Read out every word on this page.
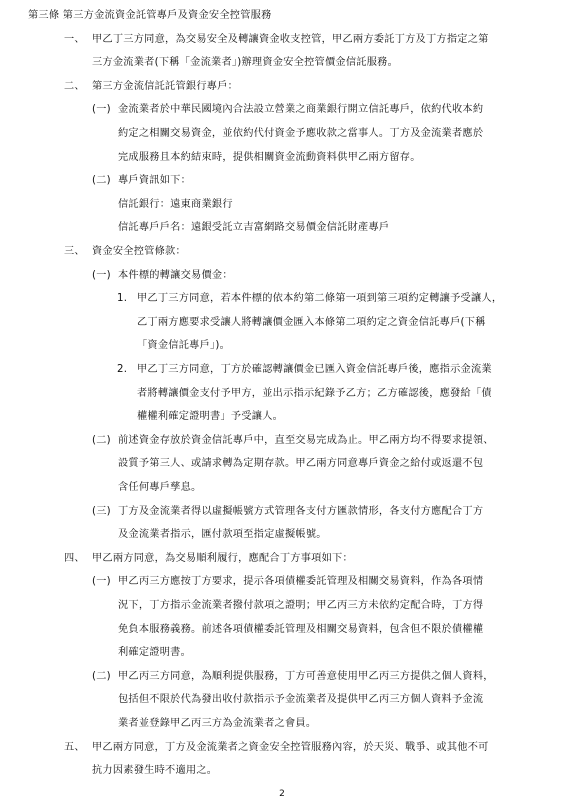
第三條 第三方金流資金託管專戶及資金安全控管服務
一、 甲乙丁三方同意，為交易安全及轉讓資金收支控管，甲乙兩方委託丁方及丁方指定之第
三方金流業者(下稱「金流業者」)辦理資金安全控管價金信託服務。
二、 第三方金流信託託管銀行專戶：
(一) 金流業者於中華民國境內合法設立營業之商業銀行開立信託專戶，依約代收本約
約定之相關交易資金，並依約代付資金予應收款之當事人。丁方及金流業者應於
完成服務且本約結束時，提供相關資金流動資料供甲乙兩方留存。
(二) 專戶資訊如下：
信託銀行：遠東商業銀行
信託專戶戶名：遠銀受託立吉富網路交易價金信託財產專戶
三、 資金安全控管條款：
(一) 本件標的轉讓交易價金：
1. 甲乙丁三方同意，若本件標的依本約第二條第一項到第三項約定轉讓予受讓人，
乙丁兩方應要求受讓人將轉讓價金匯入本條第二項約定之資金信託專戶(下稱
「資金信託專戶」)。
2. 甲乙丁三方同意，丁方於確認轉讓價金已匯入資金信託專戶後，應指示金流業
者將轉讓價金支付予甲方，並出示指示紀錄予乙方；乙方確認後，應發給「債
權權利確定證明書」予受讓人。
(二) 前述資金存放於資金信託專戶中，直至交易完成為止。甲乙兩方均不得要求提領、
設質予第三人、或請求轉為定期存款。甲乙兩方同意專戶資金之給付或返還不包
含任何專戶孳息。
(三) 丁方及金流業者得以虛擬帳號方式管理各支付方匯款情形，各支付方應配合丁方
及金流業者指示，匯付款項至指定虛擬帳號。
四、 甲乙兩方同意，為交易順利履行，應配合丁方事項如下：
(一) 甲乙丙三方應按丁方要求，提示各項債權委託管理及相關交易資料，作為各項情
況下，丁方指示金流業者撥付款項之證明；甲乙丙三方未依約定配合時，丁方得
免負本服務義務。前述各項債權委託管理及相關交易資料，包含但不限於債權權
利確定證明書。
(二) 甲乙丙三方同意，為順利提供服務，丁方可善意使用甲乙丙三方提供之個人資料，
包括但不限於代為發出收付款指示予金流業者及提供甲乙丙三方個人資料予金流
業者並登錄甲乙丙三方為金流業者之會員。
五、 甲乙兩方同意，丁方及金流業者之資金安全控管服務內容，於天災、戰爭、或其他不可
抗力因素發生時不適用之。
2
